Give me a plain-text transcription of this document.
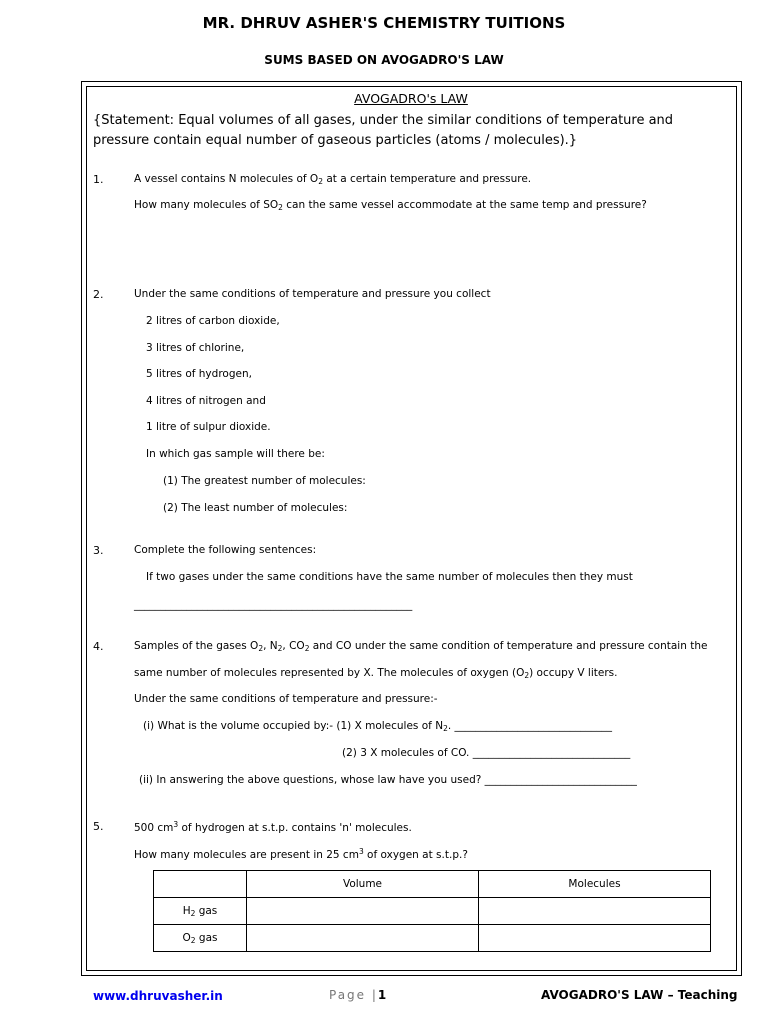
MR. DHRUV ASHER'S CHEMISTRY TUITIONS
SUMS BASED ON AVOGADRO'S LAW
AVOGADRO's LAW
{Statement: Equal volumes of all gases, under the similar conditions of temperature and pressure contain equal number of gaseous particles (atoms / molecules).}
1.	A vessel contains N molecules of $O_2$ at a certain temperature and pressure.
How many molecules of $SO_2$ can the same vessel accommodate at the same temp and pressure?
2.	Under the same conditions of temperature and pressure you collect
2 litres of carbon dioxide,
3 litres of chlorine,
5 litres of hydrogen,
4 litres of nitrogen and
1 litre of sulpur dioxide.
In which gas sample will there be:
(1) The greatest number of molecules:
(2) The least number of molecules:
3.	Complete the following sentences:
If two gases under the same conditions have the same number of molecules then they must
_____________________________________________________
4.	Samples of the gases $O_2$, $N_2$, $CO_2$ and CO under the same condition of temperature and pressure contain the
same number of molecules represented by X. The molecules of oxygen $(O_2)$ occupy V liters.
Under the same conditions of temperature and pressure:-
(i) What is the volume occupied by:- (1) X molecules of $N_2$. ______________________________
(2) 3 X molecules of CO. ______________________________
(ii) In answering the above questions, whose law have you used? _____________________________
5.	500 $cm^3$ of hydrogen at s.t.p. contains 'n' molecules.
How many molecules are present in 25 $cm^3$ of oxygen at s.t.p.?
	Volume	Molecules
$H_2$ gas		
$O_2$ gas		
www.dhruvasher.in	Page |1	AVOGADRO'S LAW – Teaching
